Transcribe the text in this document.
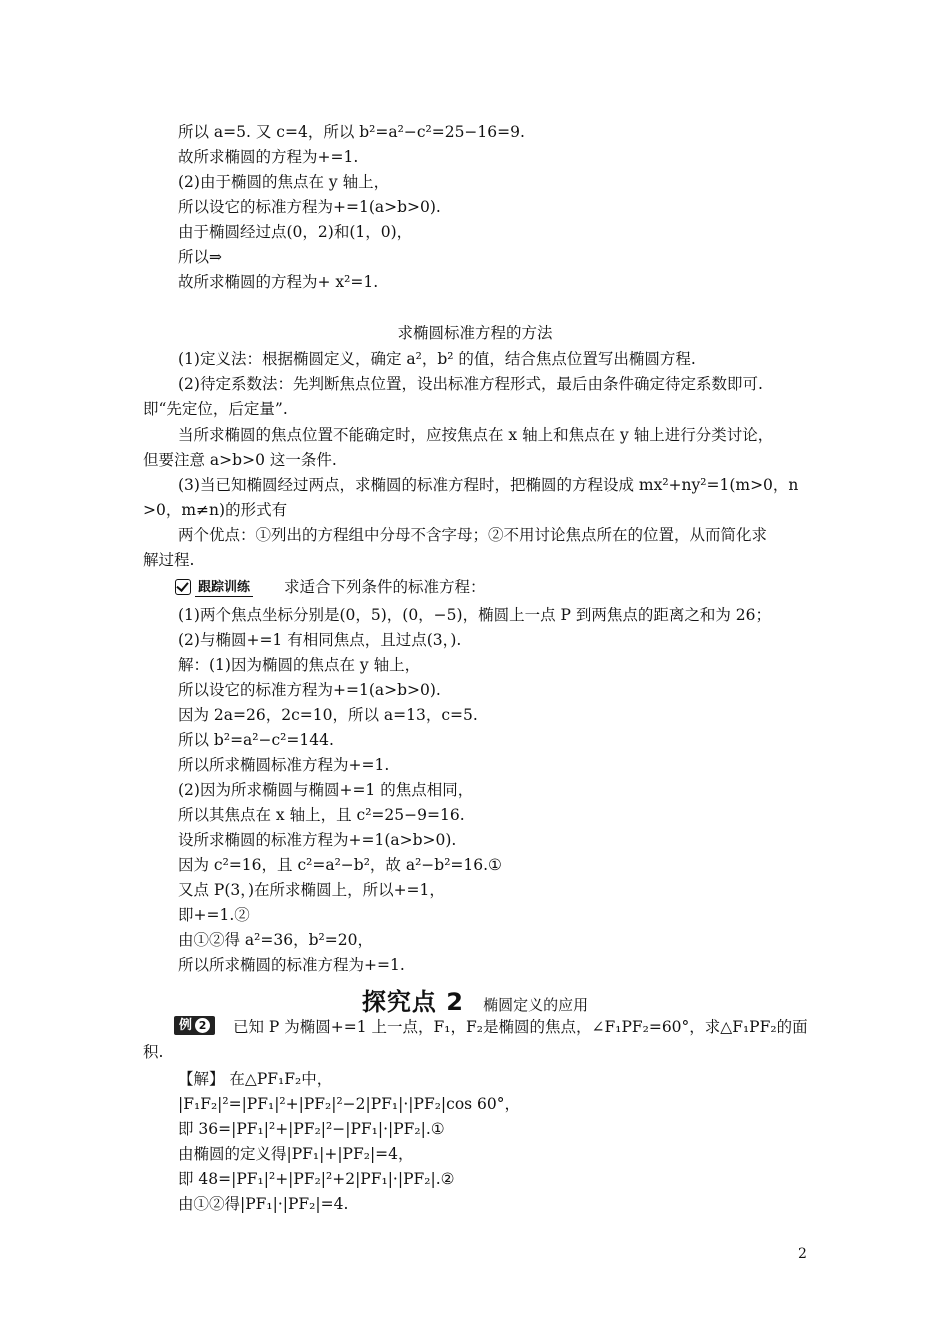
所以 a=5. 又 c=4，所以 b²=a²−c²=25−16=9.
故所求椭圆的方程为+=1.
(2)由于椭圆的焦点在 y 轴上，
所以设它的标准方程为+=1(a>b>0).
由于椭圆经过点(0，2)和(1，0)，
所以⇒
故所求椭圆的方程为+ x²=1.
求椭圆标准方程的方法
(1)定义法：根据椭圆定义，确定 a²，b² 的值，结合焦点位置写出椭圆方程.
(2)待定系数法：先判断焦点位置，设出标准方程形式，最后由条件确定待定系数即可.
即“先定位，后定量”.
当所求椭圆的焦点位置不能确定时，应按焦点在 x 轴上和焦点在 y 轴上进行分类讨论，
但要注意 a>b>0 这一条件.
(3)当已知椭圆经过两点，求椭圆的标准方程时，把椭圆的方程设成 mx²+ny²=1(m>0，n
>0，m≠n)的形式有
两个优点：①列出的方程组中分母不含字母；②不用讨论焦点所在的位置，从而简化求
解过程.
跟踪训练 求适合下列条件的标准方程：
(1)两个焦点坐标分别是(0，5)，(0，−5)，椭圆上一点 P 到两焦点的距离之和为 26；
(2)与椭圆+=1 有相同焦点，且过点(3，).
解：(1)因为椭圆的焦点在 y 轴上，
所以设它的标准方程为+=1(a>b>0).
因为 2a=26，2c=10，所以 a=13，c=5.
所以 b²=a²−c²=144.
所以所求椭圆标准方程为+=1.
(2)因为所求椭圆与椭圆+=1 的焦点相同，
所以其焦点在 x 轴上，且 c²=25−9=16.
设所求椭圆的标准方程为+=1(a>b>0).
因为 c²=16，且 c²=a²−b²，故 a²−b²=16.①
又点 P(3，)在所求椭圆上，所以+=1，
即+=1.②
由①②得 a²=36，b²=20，
所以所求椭圆的标准方程为+=1.
探究点 2 椭圆定义的应用
例 2	已知 P 为椭圆+=1 上一点，F₁，F₂是椭圆的焦点，∠F₁PF₂=60°，求△F₁PF₂的面
积.
【解】 在△PF₁F₂中，
|F₁F₂|²=|PF₁|²+|PF₂|²−2|PF₁|·|PF₂|cos 60°，
即 36=|PF₁|²+|PF₂|²−|PF₁|·|PF₂|.①
由椭圆的定义得|PF₁|+|PF₂|=4，
即 48=|PF₁|²+|PF₂|²+2|PF₁|·|PF₂|.②
由①②得|PF₁|·|PF₂|=4.
2
